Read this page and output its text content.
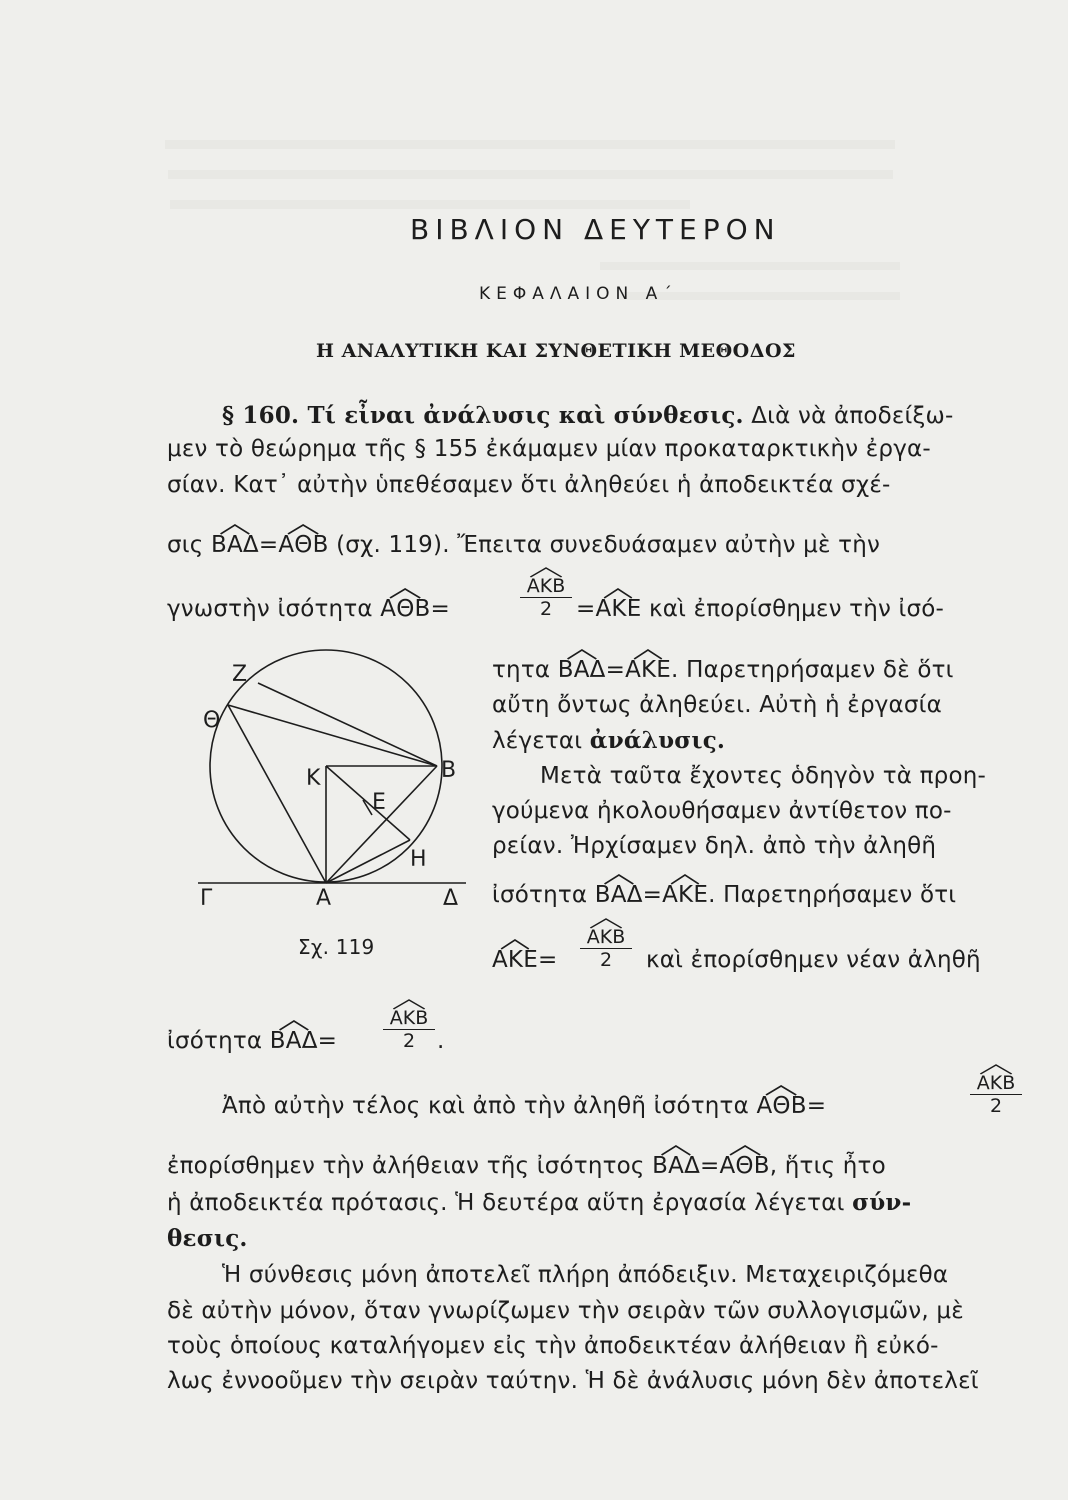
ΒΙΒΛΙΟΝ ΔΕΥΤΕΡΟΝ
ΚΕΦΑΛΑΙΟΝ Α΄
Η ΑΝΑΛΥΤΙΚΗ ΚΑΙ ΣΥΝΘΕΤΙΚΗ ΜΕΘΟΔΟΣ
§ 160. Τί εἶναι ἀνάλυσις καὶ σύνθεσις. Διὰ νὰ ἀποδείξω-
μεν τὸ θεώρημα τῆς § 155 ἐκάμαμεν μίαν προκαταρκτικὴν ἐργα-
σίαν. Κατ᾽ αὐτὴν ὑπεθέσαμεν ὅτι ἀληθεύει ἡ ἀποδεικτέα σχέ-
σις ΒΑΔ=
ΑΘΒ (σχ. 119). Ἔπειτα συνεδυάσαμεν αὐτὴν μὲ τὴν
γνωστὴν ἰσότητα ΑΘΒ=
ΑΚΒ
2	=
ΑΚΕ καὶ ἐπορίσθημεν τὴν ἰσό-
τητα ΒΑΔ=
ΑΚΕ. Παρετηρήσαμεν δὲ ὅτι
αὔτη ὄντως ἀληθεύει. Αὐτὴ ἡ ἐργασία
λέγεται ἀνάλυσις.
Μετὰ ταῦτα ἔχοντες ὁδηγὸν τὰ προη-
γούμενα ἠκολουθήσαμεν ἀντίθετον πο-
ρείαν. Ἠρχίσαμεν δηλ. ἀπὸ τὴν ἀληθῆ
ἰσότητα ΒΑΔ=
ΑΚΕ. Παρετηρήσαμεν ὅτι
ΑΚΕ=
ΑΚΒ
2	καὶ ἐπορίσθημεν νέαν ἀληθῆ
ἰσότητα ΒΑΔ=
ΑΚΒ
2 .
Ἀπὸ αὐτὴν τέλος καὶ ἀπὸ τὴν ἀληθῆ ἰσότητα ΑΘΒ=
ΑΚΒ
2
ἐπορίσθημεν τὴν ἀλήθειαν τῆς ἰσότητος ΒΑΔ=
ΑΘΒ, ἥτις ἦτο
ἡ ἀποδεικτέα πρότασις. Ἡ δευτέρα αὕτη ἐργασία λέγεται σύν-
θεσις.
Ἡ σύνθεσις μόνη ἀποτελεῖ πλήρη ἀπόδειξιν. Μεταχειριζόμεθα
δὲ αὐτὴν μόνον, ὅταν γνωρίζωμεν τὴν σειρὰν τῶν συλλογισμῶν, μὲ
τοὺς ὁποίους καταλήγομεν εἰς τὴν ἀποδεικτέαν ἀλήθειαν ἢ εὐκό-
λως ἐννοοῦμεν τὴν σειρὰν ταύτην. Ἡ δὲ ἀνάλυσις μόνη δὲν ἀποτελεῖ
Ζ
Θ
Κ	Β
Ε
Η
Γ	Α	Δ
Σχ. 119
